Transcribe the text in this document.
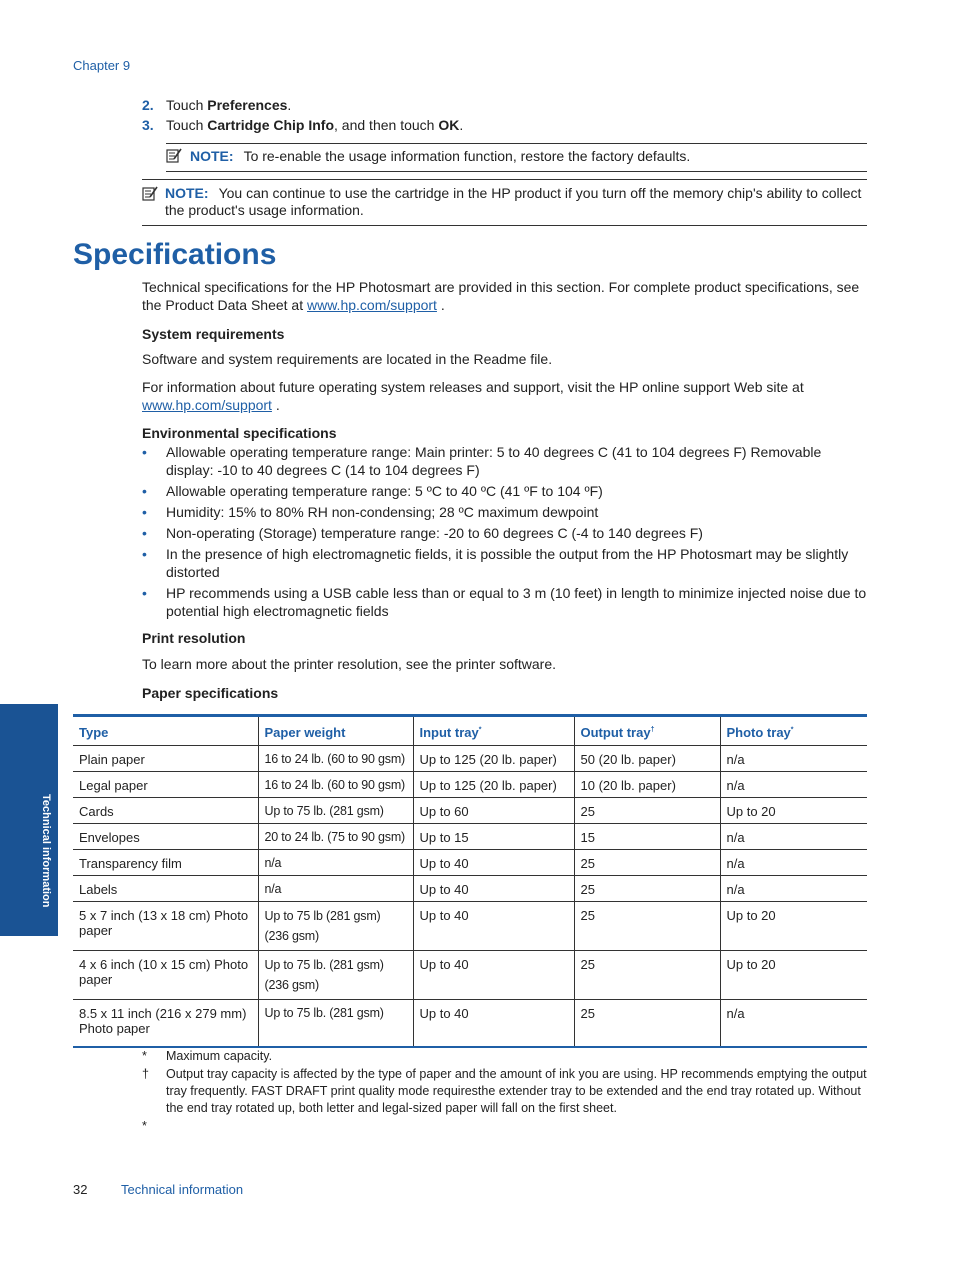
Chapter 9
2. Touch Preferences.
3. Touch Cartridge Chip Info, and then touch OK.
NOTE: To re-enable the usage information function, restore the factory defaults.
NOTE: You can continue to use the cartridge in the HP product if you turn off the memory chip's ability to collect the product's usage information.
Specifications
Technical specifications for the HP Photosmart are provided in this section. For complete product specifications, see the Product Data Sheet at www.hp.com/support .
System requirements
Software and system requirements are located in the Readme file.
For information about future operating system releases and support, visit the HP online support Web site at www.hp.com/support .
Environmental specifications
• Allowable operating temperature range: Main printer: 5 to 40 degrees C (41 to 104 degrees F) Removable display: -10 to 40 degrees C (14 to 104 degrees F)
• Allowable operating temperature range: 5 ºC to 40 ºC (41 ºF to 104 ºF)
• Humidity: 15% to 80% RH non-condensing; 28 ºC maximum dewpoint
• Non-operating (Storage) temperature range: -20 to 60 degrees C (-4 to 140 degrees F)
• In the presence of high electromagnetic fields, it is possible the output from the HP Photosmart may be slightly distorted
• HP recommends using a USB cable less than or equal to 3 m (10 feet) in length to minimize injected noise due to potential high electromagnetic fields
Print resolution
To learn more about the printer resolution, see the printer software.
Paper specifications
Type	Paper weight	Input tray*	Output tray†	Photo tray*
Plain paper	16 to 24 lb. (60 to 90 gsm)	Up to 125 (20 lb. paper)	50 (20 lb. paper)	n/a
Legal paper	16 to 24 lb. (60 to 90 gsm)	Up to 125 (20 lb. paper)	10 (20 lb. paper)	n/a
Cards	Up to 75 lb. (281 gsm)	Up to 60	25	Up to 20
Envelopes	20 to 24 lb. (75 to 90 gsm)	Up to 15	15	n/a
Transparency film	n/a	Up to 40	25	n/a
Labels	n/a	Up to 40	25	n/a
5 x 7 inch (13 x 18 cm) Photo paper	Up to 75 lb (281 gsm)
(236 gsm)	Up to 40	25	Up to 20
4 x 6 inch (10 x 15 cm) Photo paper	Up to 75 lb. (281 gsm)
(236 gsm)	Up to 40	25	Up to 20
8.5 x 11 inch (216 x 279 mm) Photo paper	Up to 75 lb. (281 gsm)	Up to 40	25	n/a
* Maximum capacity.
† Output tray capacity is affected by the type of paper and the amount of ink you are using. HP recommends emptying the output tray frequently. FAST DRAFT print quality mode requiresthe extender tray to be extended and the end tray rotated up. Without the end tray rotated up, both letter and legal-sized paper will fall on the first sheet.
*
Technical information
32	Technical information
